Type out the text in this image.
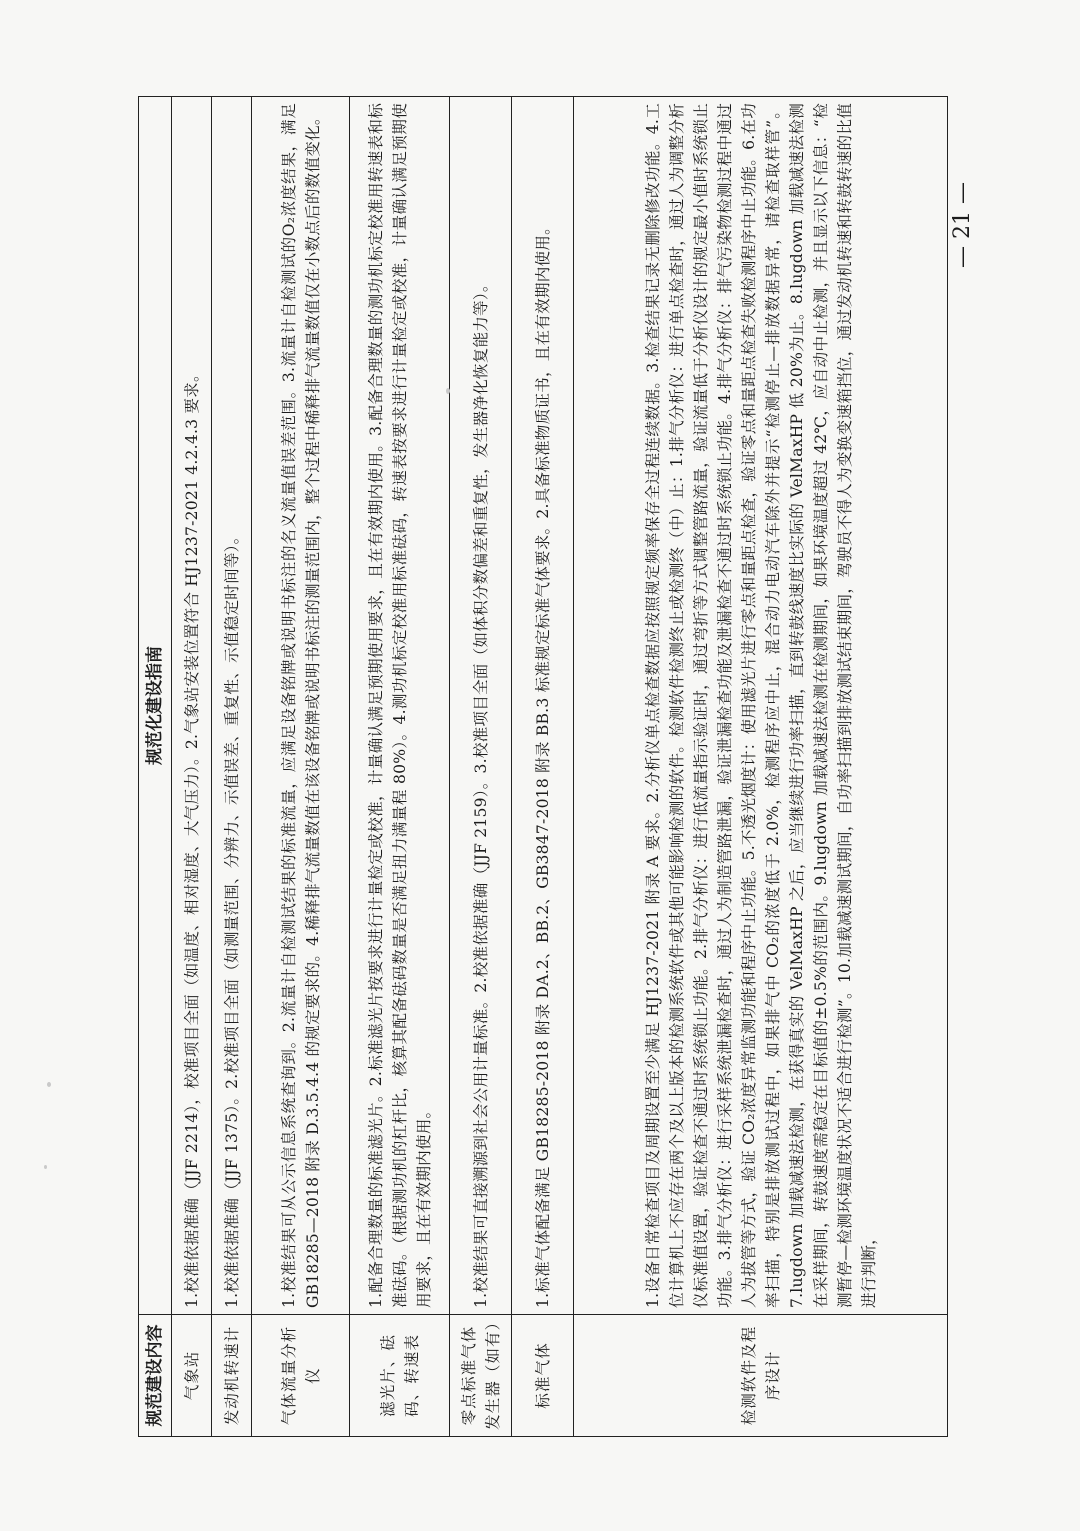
规范建设内容	规范化建设指南
气象站	1.校准依据准确（JJF 2214），校准项目全面（如温度、相对湿度、大气压力）。2.气象站安装位置符合 HJ1237-2021 4.2.4.3 要求。
发动机转速计	1.校准依据准确（JJF 1375）。2.校准项目全面（如测量范围、分辨力、示值误差、重复性、示值稳定时间等）。
气体流量分析仪	1.校准结果可从公示信息系统查询到。2.流量计自检测试结果的标准流量，应满足设备铭牌或说明书标注的名义流量值误差范围。3.流量计自检测试的O₂浓度结果，满足 GB18285—2018 附录 D.3.5.4.4 的规定要求的。4.稀释排气流量数值在该设备铭牌或说明书标注的测量范围内，整个过程中稀释排气流量数值仅在小数点后的数值变化。
滤光片、砝码、转速表	1.配备合理数量的标准滤光片。2.标准滤光片按要求进行计量检定或校准，计量确认满足预期使用要求，且在有效期内使用。3.配备合理数量的测功机标定校准用转速表和标准砝码。（根据测功机的杠杆比，核算其配备砝码数量是否满足扭力满量程 80%）。4.测功机标定校准用标准砝码，转速表按要求进行计量检定或校准，计量确认满足预期使用要求，且在有效期内使用。
零点标准气体发生器（如有）	1.校准结果可直接溯源到社会公用计量标准。2.校准依据准确（JJF 2159）。3.校准项目全面（如体积分数偏差和重复性，发生器净化恢复能力等）。
标准气体	1.标准气体配备满足 GB18285-2018 附录 DA.2、BB.2、GB3847-2018 附录 BB.3 标准规定标准气体要求。2.具备标准物质证书，且在有效期内使用。
检测软件及程序设计	1.设备日常检查项目及周期设置至少满足 HJ1237-2021 附录 A 要求。2.分析仪单点检查数据应按照规定频率保存全过程连续数据。3.检查结果记录无删除修改功能。4.工位计算机上不应存在两个及以上版本的检测系统软件或其他可能影响检测的软件。检测软件检测终止或检测终（中）止：1.排气分析仪：进行单点检查时，通过人为调整分析仪标准值设置，验证检查不通过时系统锁止功能。2.排气分析仪：进行低流量指示验证时，通过弯折等方式调整管路流量，验证流量低于分析仪设计的规定最小值时系统锁止功能。3.排气分析仪：进行采样系统泄漏检查时，通过人为制造管路泄漏，验证泄漏检查功能及泄漏检查不通过时系统锁止功能。4.排气分析仪：排气污染物检测过程中通过人为拔管等方式，验证 CO₂浓度异常监测功能和程序中止功能。5.不透光烟度计：使用滤光片进行零点和量距点检查，验证零点和量距点检查失败检测程序中止功能。6.在功率扫描，特别是排放测试过程中，如果排气中 CO₂的浓度低于 2.0%，检测程序应中止，混合动力电动汽车除外并提示“检测停止—排放数据异常，请检查取样管”。7.lugdown 加载减速法检测，在获得真实的 VelMaxHP 之后，应当继续进行功率扫描，直到转鼓线速度比实际的 VelMaxHP 低 20%为止。8.lugdown 加载减速法检测在采样期间，转鼓速度需稳定在目标值的±0.5%的范围内。9.lugdown 加载减速法检测在检测期间，如果环境温度超过 42℃，应自动中止检测，并且显示以下信息：“检测暂停—检测环境温度状况不适合进行检测”。10.加载减速测试期间，自功率扫描到排放测试结束期间，驾驶员不得人为变换变速箱挡位，通过发动机转速和转鼓转速的比值进行判断，
— 21 —
